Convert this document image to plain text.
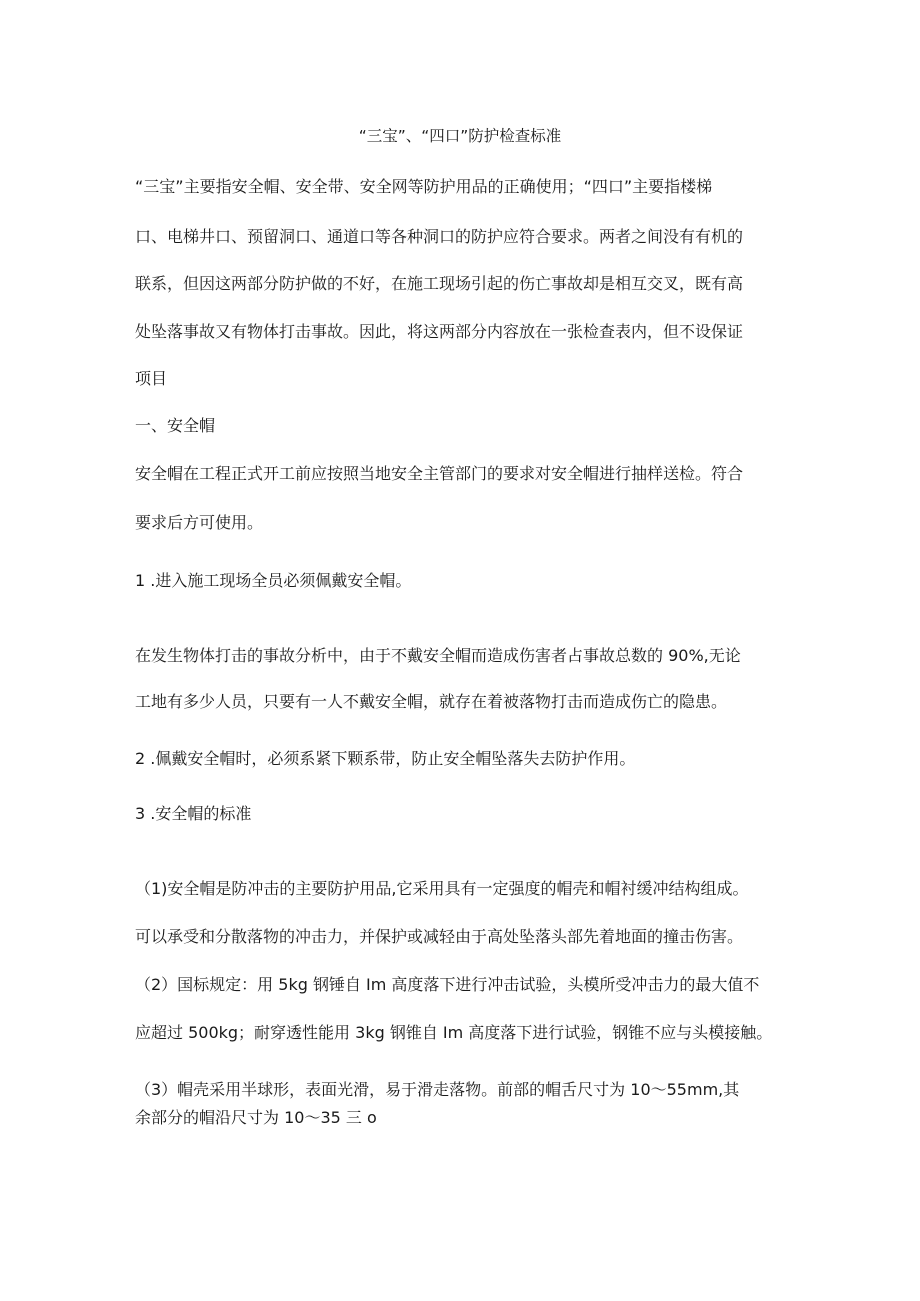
“三宝”、“四口”防护检查标准
“三宝”主要指安全帽、安全带、安全网等防护用品的正确使用；“四口”主要指楼梯
口、电梯井口、预留洞口、通道口等各种洞口的防护应符合要求。两者之间没有有机的
联系，但因这两部分防护做的不好，在施工现场引起的伤亡事故却是相互交叉，既有高
处坠落事故又有物体打击事故。因此，将这两部分内容放在一张检查表内，但不设保证
项目
一、安全帽
安全帽在工程正式开工前应按照当地安全主管部门的要求对安全帽进行抽样送检。符合
要求后方可使用。
1 .进入施工现场全员必须佩戴安全帽。
在发生物体打击的事故分析中，由于不戴安全帽而造成伤害者占事故总数的 90%,无论
工地有多少人员，只要有一人不戴安全帽，就存在着被落物打击而造成伤亡的隐患。
2 .佩戴安全帽时，必须系紧下颗系带，防止安全帽坠落失去防护作用。
3 .安全帽的标准
（1)安全帽是防冲击的主要防护用品,它采用具有一定强度的帽壳和帽衬缓冲结构组成。
可以承受和分散落物的冲击力，并保护或减轻由于高处坠落头部先着地面的撞击伤害。
（2）国标规定：用 5kg 钢锤自 Im 高度落下进行冲击试验，头模所受冲击力的最大值不
应超过 500kg；耐穿透性能用 3kg 钢锥自 Im 高度落下进行试验，钢锥不应与头模接触。
（3）帽壳采用半球形，表面光滑，易于滑走落物。前部的帽舌尺寸为 10～55mm,其
余部分的帽沿尺寸为 10～35 三 o
